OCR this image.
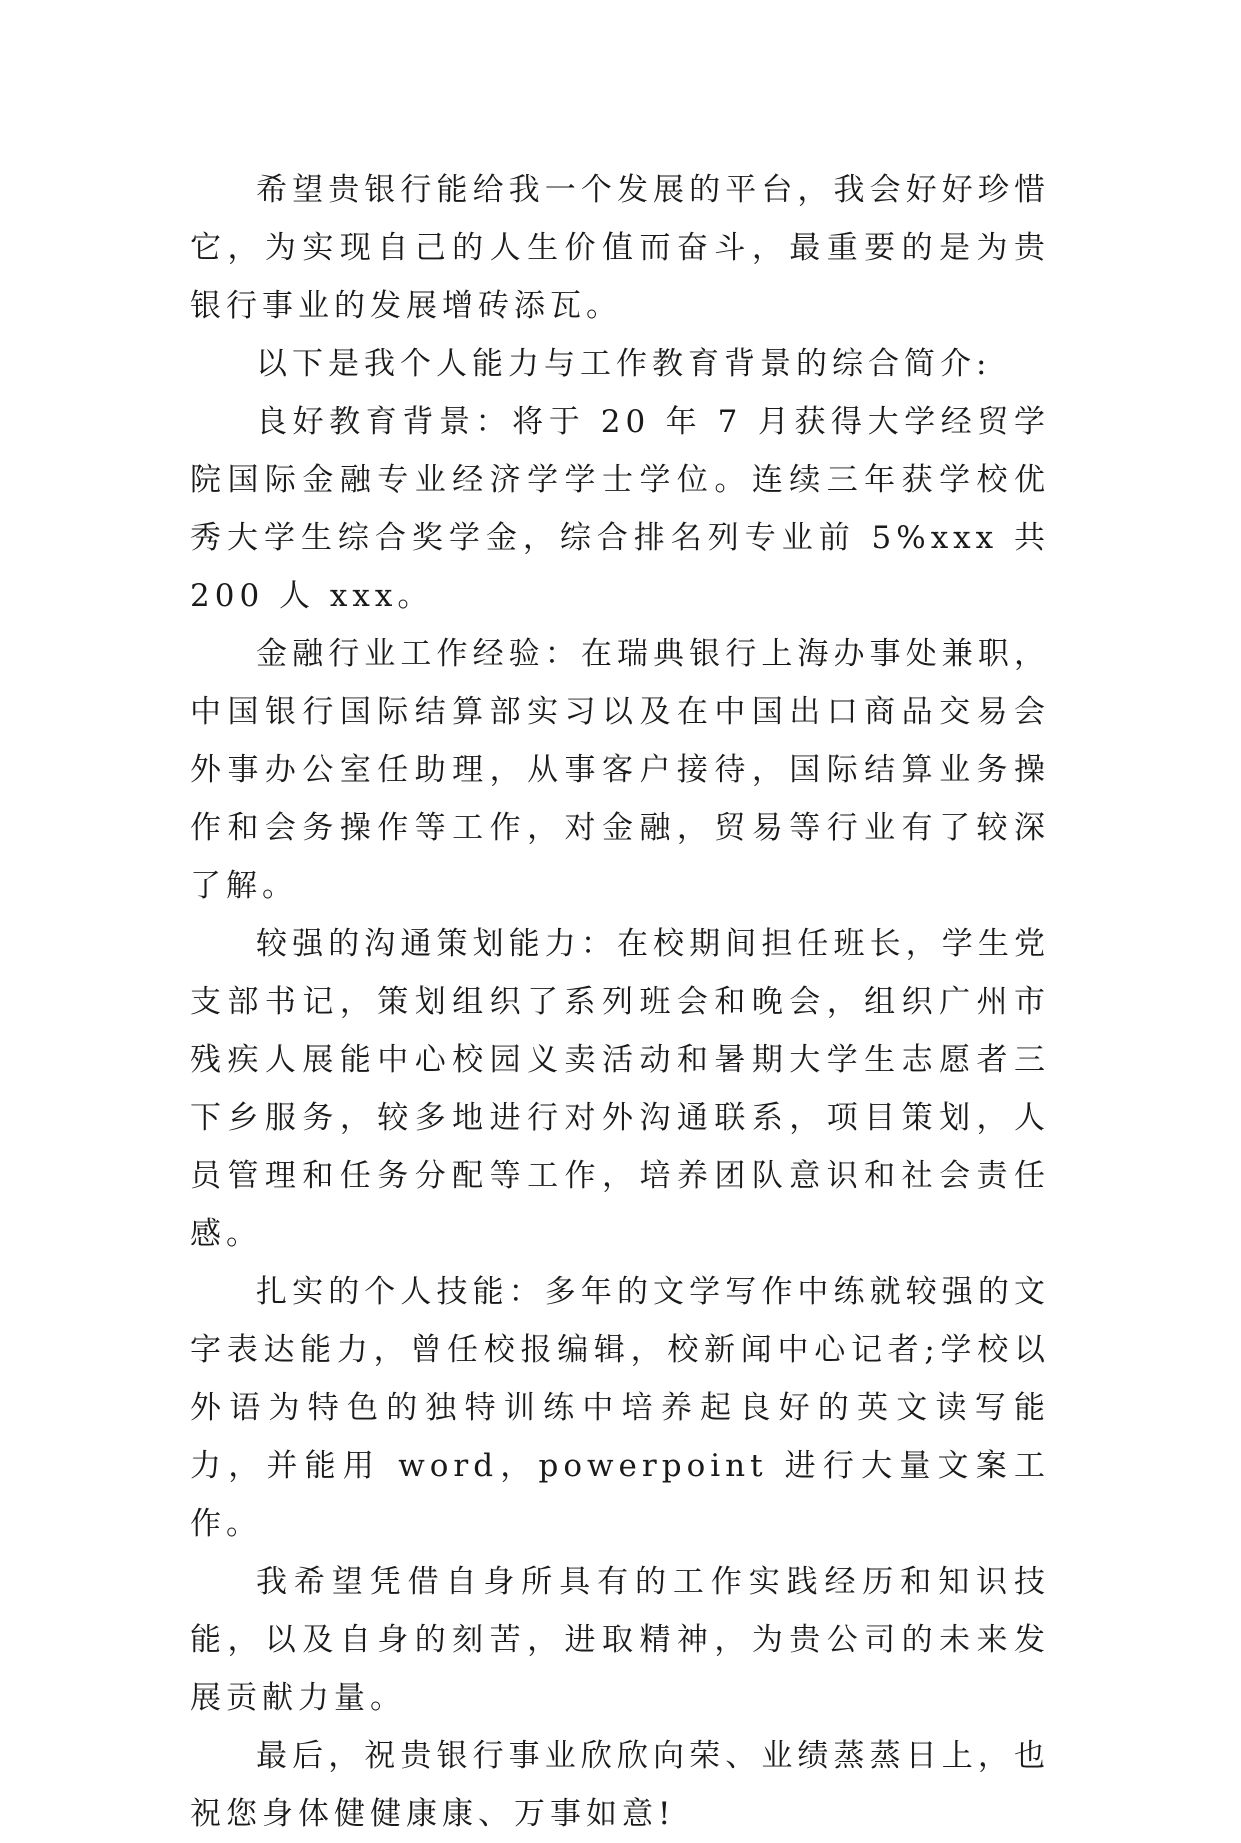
希望贵银行能给我一个发展的平台，我会好好珍惜它，为实现自己的人生价值而奋斗，最重要的是为贵银行事业的发展增砖添瓦。

以下是我个人能力与工作教育背景的综合简介:

良好教育背景：将于 20 年 7 月获得大学经贸学院国际金融专业经济学学士学位。连续三年获学校优秀大学生综合奖学金，综合排名列专业前 5%xxx 共 200 人 xxx。

金融行业工作经验：在瑞典银行上海办事处兼职，中国银行国际结算部实习以及在中国出口商品交易会外事办公室任助理，从事客户接待，国际结算业务操作和会务操作等工作，对金融，贸易等行业有了较深了解。

较强的沟通策划能力：在校期间担任班长，学生党支部书记，策划组织了系列班会和晚会，组织广州市残疾人展能中心校园义卖活动和暑期大学生志愿者三下乡服务，较多地进行对外沟通联系，项目策划，人员管理和任务分配等工作，培养团队意识和社会责任感。

扎实的个人技能：多年的文学写作中练就较强的文字表达能力，曾任校报编辑，校新闻中心记者;学校以外语为特色的独特训练中培养起良好的英文读写能力，并能用 word，powerpoint 进行大量文案工作。

我希望凭借自身所具有的工作实践经历和知识技能，以及自身的刻苦，进取精神，为贵公司的未来发展贡献力量。

最后，祝贵银行事业欣欣向荣、业绩蒸蒸日上，也祝您身体健健康康、万事如意!
